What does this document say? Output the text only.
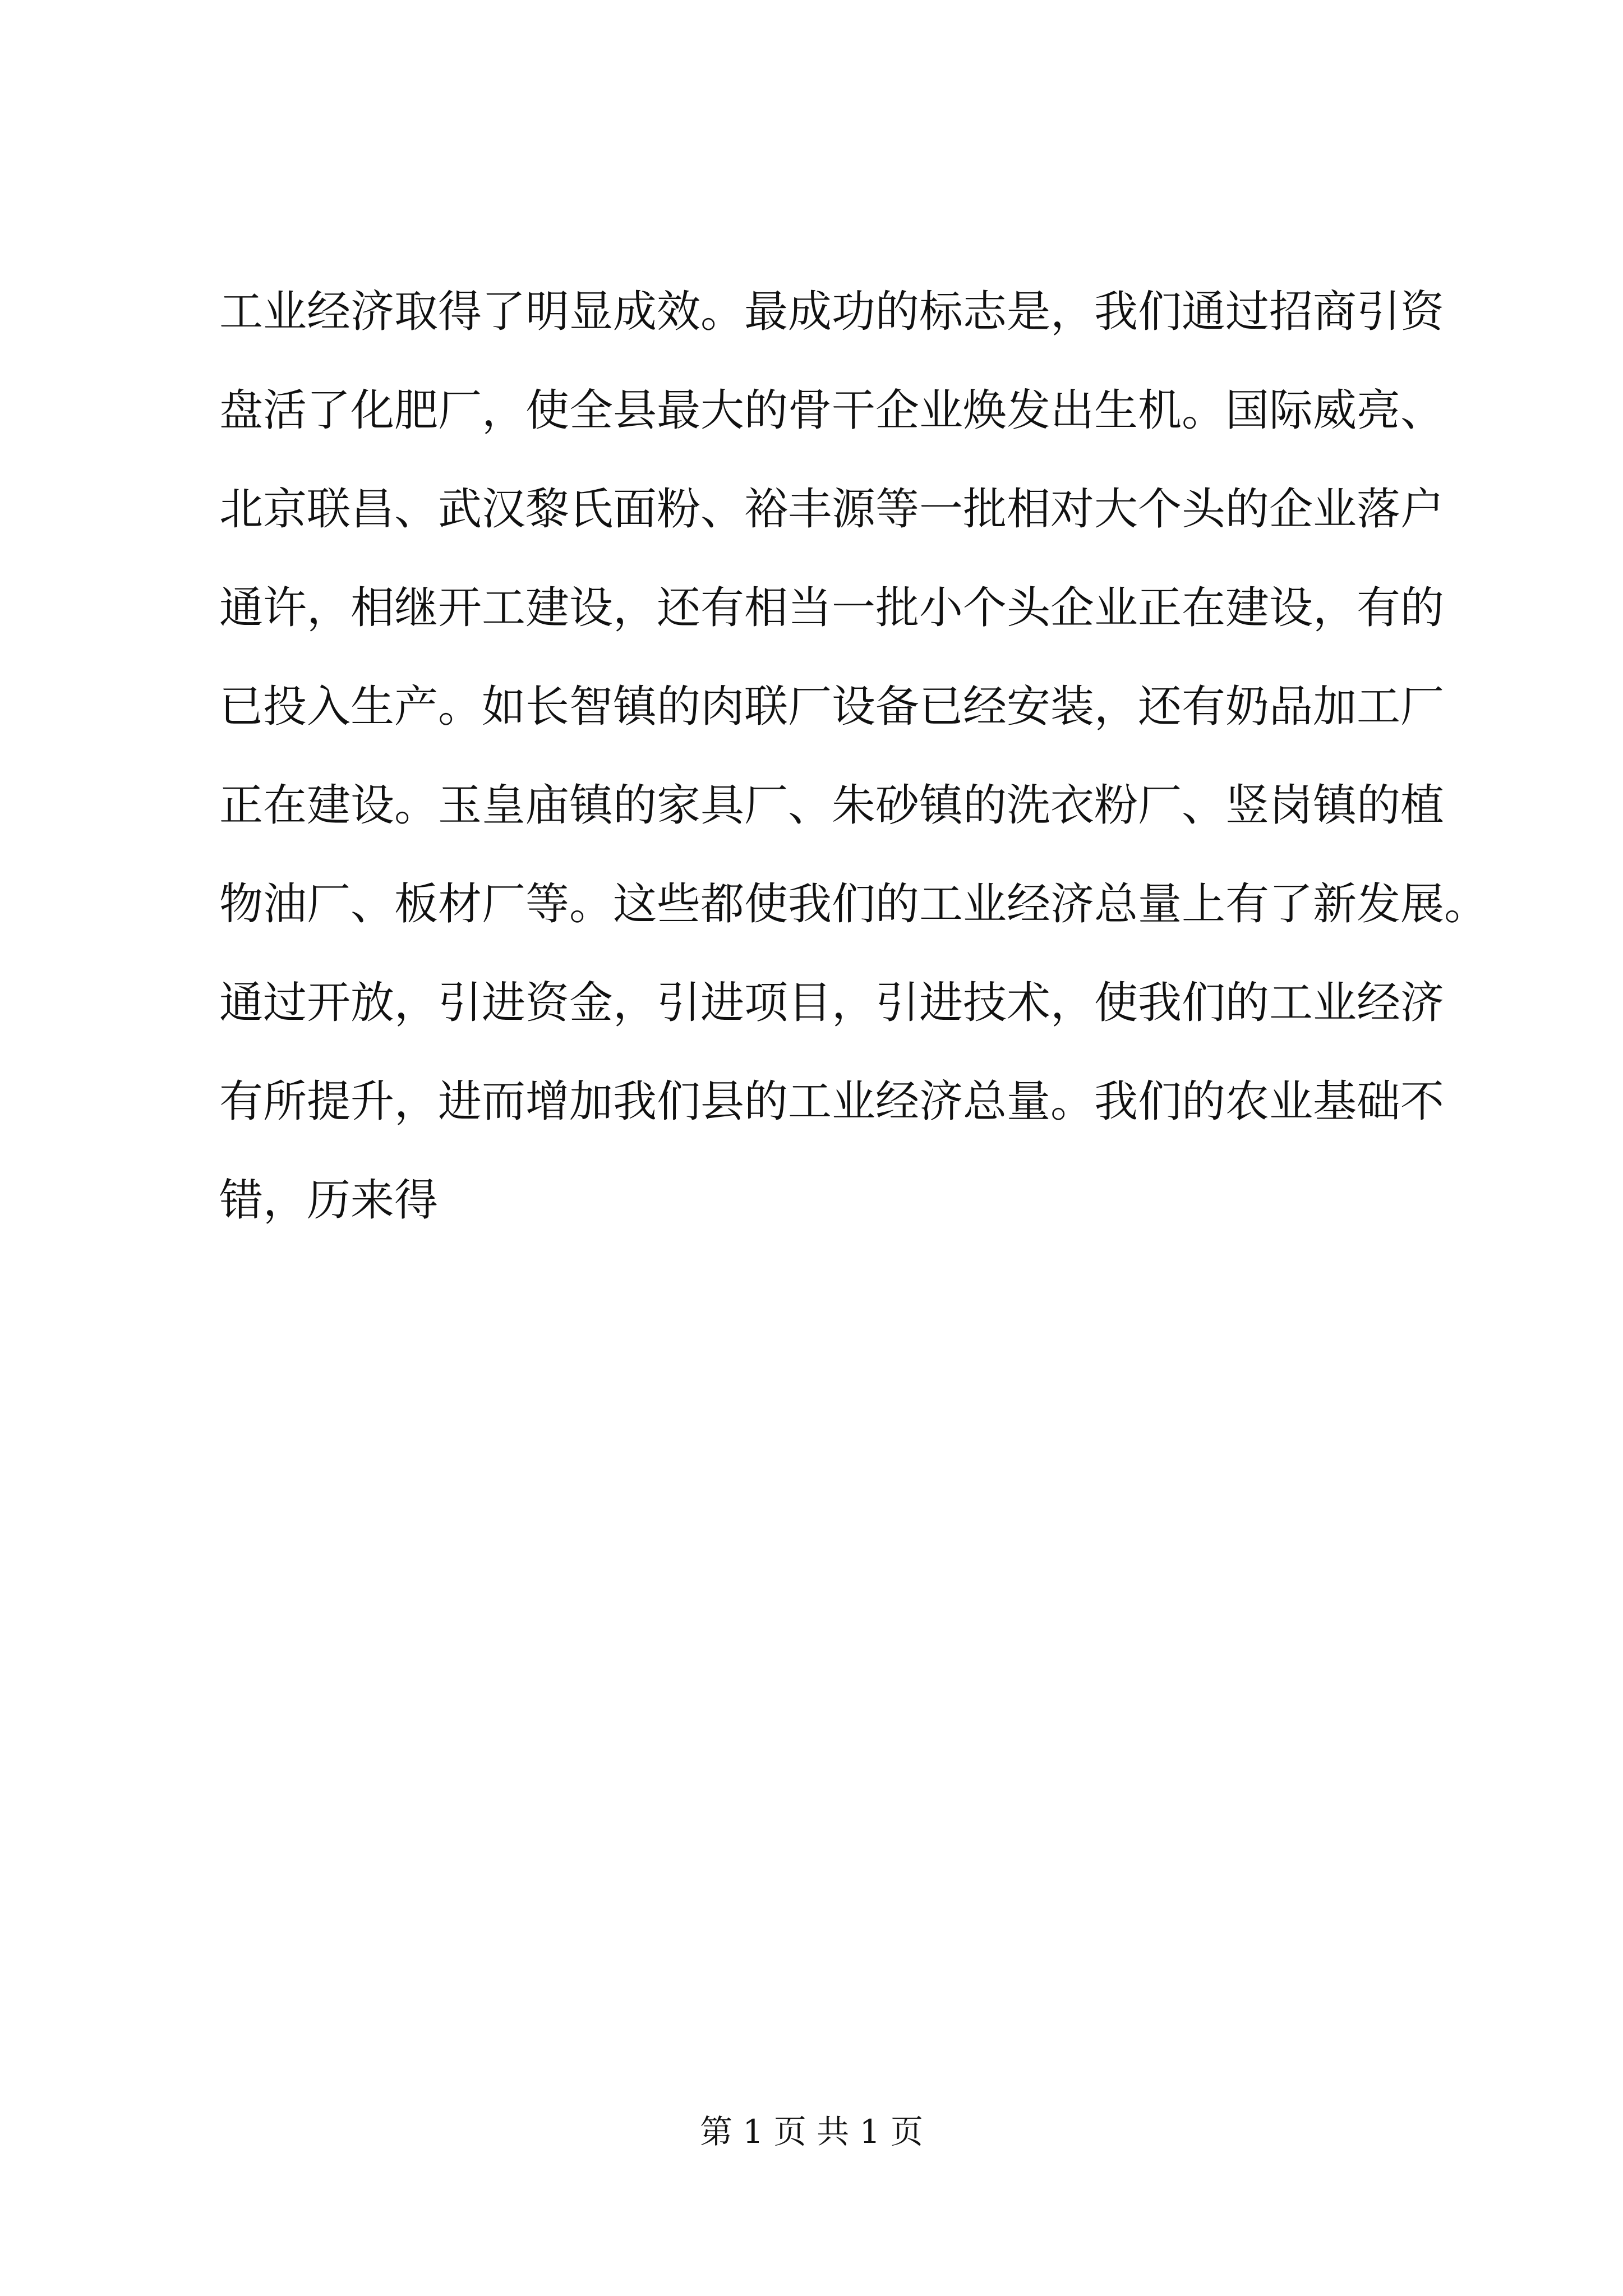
工业经济取得了明显成效。最成功的标志是，我们通过招商引资
盘活了化肥厂，使全县最大的骨干企业焕发出生机。国际威亮、
北京联昌、武汉黎氏面粉、裕丰源等一批相对大个头的企业落户
通许，相继开工建设，还有相当一批小个头企业正在建设，有的
已投入生产。如长智镇的肉联厂设备已经安装，还有奶品加工厂
正在建设。玉皇庙镇的家具厂、朱砂镇的洗衣粉厂、竖岗镇的植
物油厂、板材厂等。这些都使我们的工业经济总量上有了新发展。
通过开放，引进资金，引进项目，引进技术，使我们的工业经济
有所提升，进而增加我们县的工业经济总量。我们的农业基础不
错，历来得
第 1 页 共 1 页
